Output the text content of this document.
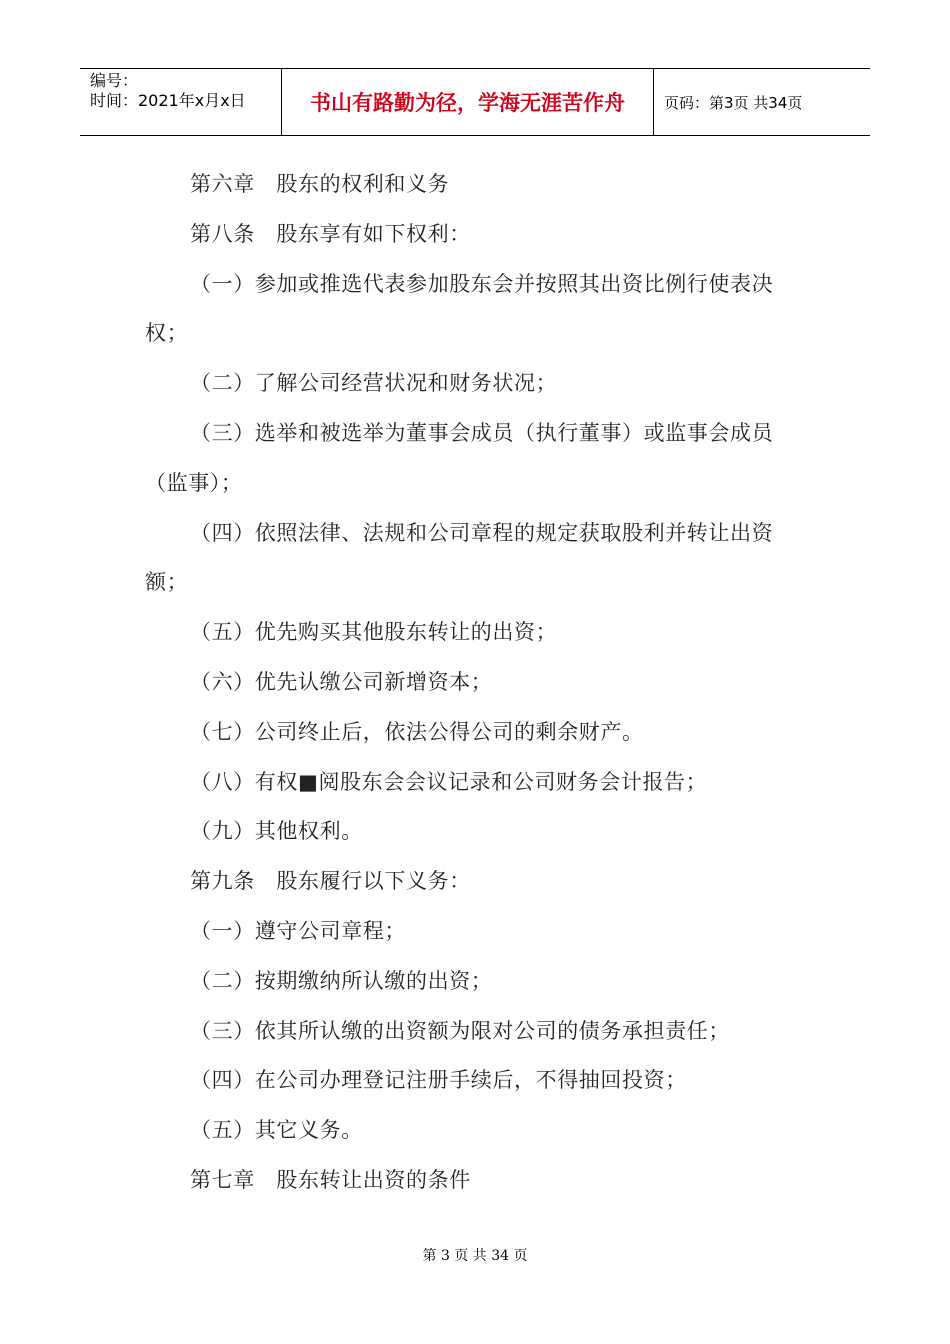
编号：
时间：2021年x月x日	书山有路勤为径，学海无涯苦作舟	页码：第3页 共34页
第六章　股东的权利和义务
第八条　股东享有如下权利：
（一）参加或推选代表参加股东会并按照其出资比例行使表决
权；
（二）了解公司经营状况和财务状况；
（三）选举和被选举为董事会成员（执行董事）或监事会成员
（监事）；
（四）依照法律、法规和公司章程的规定获取股利并转让出资
额；
（五）优先购买其他股东转让的出资；
（六）优先认缴公司新增资本；
（七）公司终止后，依法公得公司的剩余财产。
（八）有权■阅股东会会议记录和公司财务会计报告；
（九）其他权利。
第九条　股东履行以下义务：
（一）遵守公司章程；
（二）按期缴纳所认缴的出资；
（三）依其所认缴的出资额为限对公司的债务承担责任；
（四）在公司办理登记注册手续后，不得抽回投资；
（五）其它义务。
第七章　股东转让出资的条件
第 3 页 共 34 页
